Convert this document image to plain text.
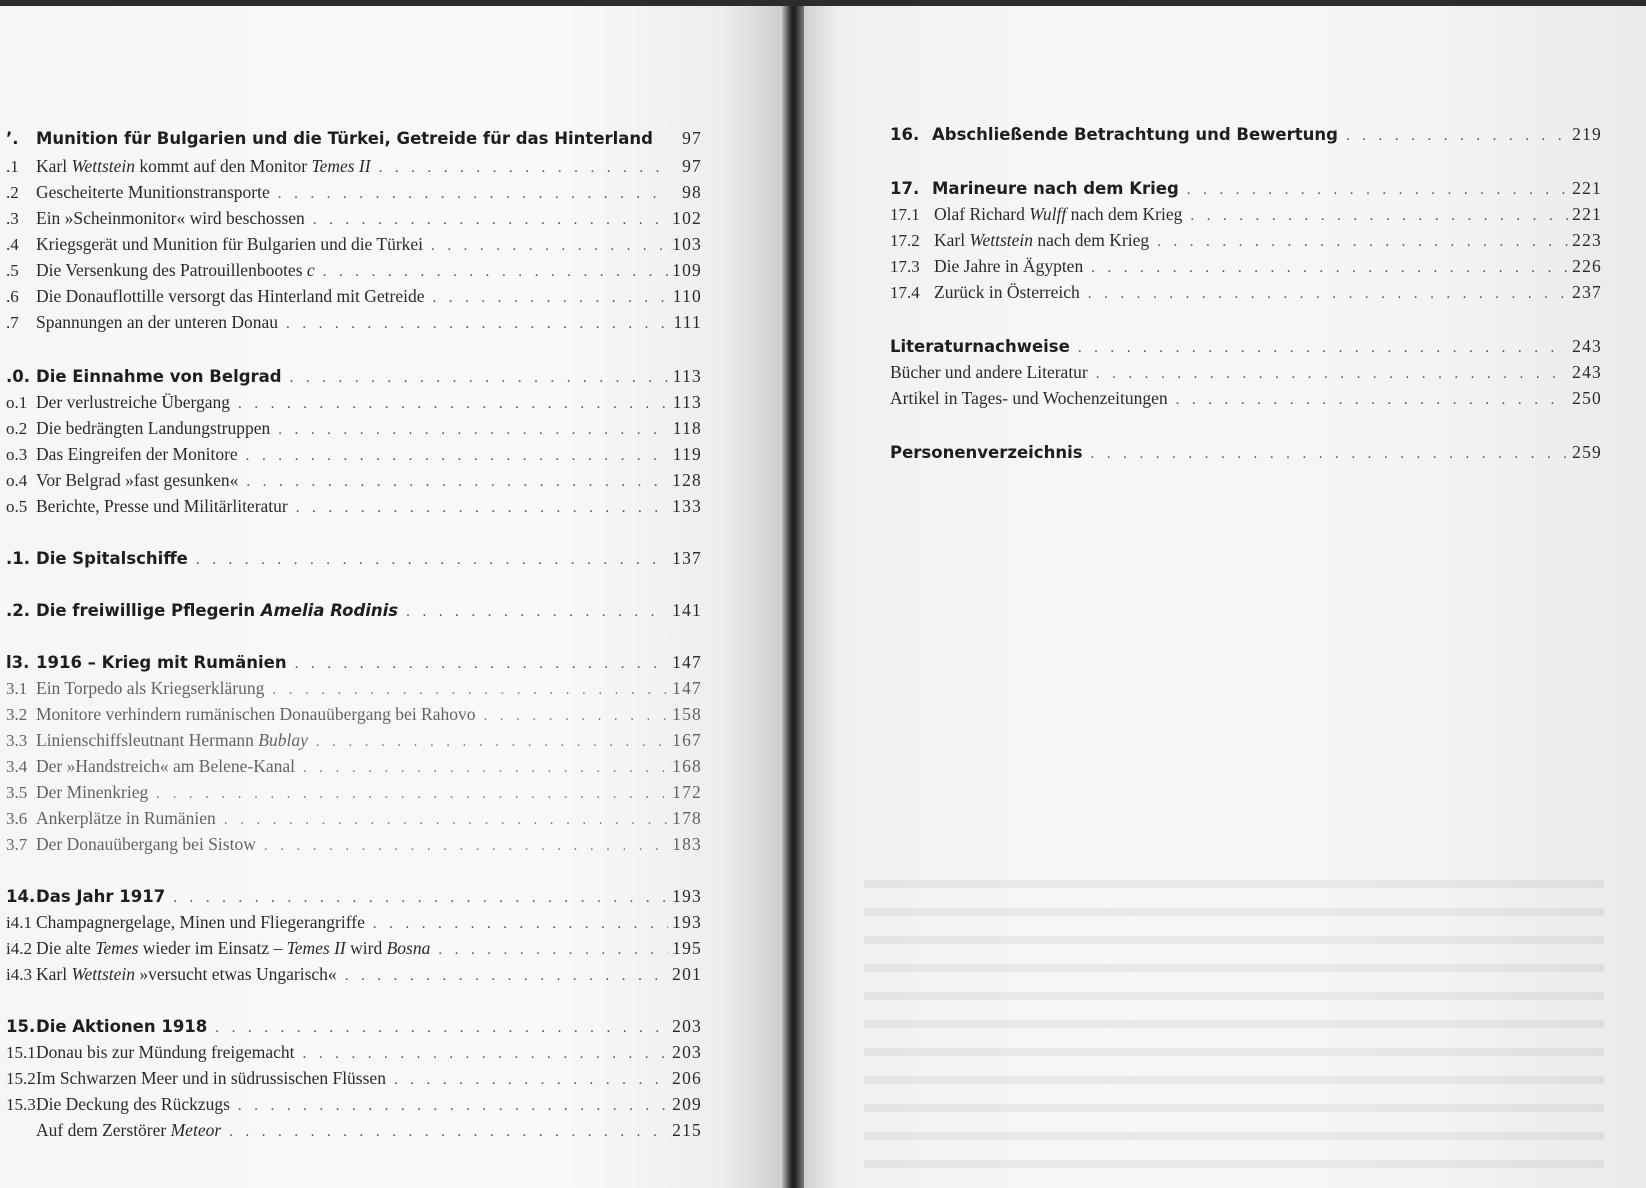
’.	Munition für Bulgarien und die Türkei, Getreide für das Hinterland	97
.1 Karl Wettstein kommt auf den Monitor Temes II . . .	97
.2 Gescheiterte Munitionstransporte . . .	98
.3 Ein »Scheinmonitor« wird beschossen . . .	102
.4 Kriegsgerät und Munition für Bulgarien und die Türkei . . .	103
.5 Die Versenkung des Patrouillenbootes c . . .	109
.6 Die Donauflottille versorgt das Hinterland mit Getreide . . .	110
.7 Spannungen an der unteren Donau . . .	111
.0. Die Einnahme von Belgrad . . .	113
o.1 Der verlustreiche Übergang . . .	113
o.2 Die bedrängten Landungstruppen . . .	118
o.3 Das Eingreifen der Monitore . . .	119
o.4 Vor Belgrad »fast gesunken« . . .	128
o.5 Berichte, Presse und Militärliteratur . . .	133
.1. Die Spitalschiffe . . .	137
.2. Die freiwillige Pflegerin Amelia Rodinis . . .	141
l3. 1916 – Krieg mit Rumänien . . .	147
3.1 Ein Torpedo als Kriegserklärung . . .	147
3.2 Monitore verhindern rumänischen Donauübergang bei Rahovo . . .	158
3.3 Linienschiffsleutnant Hermann Bublay . . .	167
3.4 Der »Handstreich« am Belene-Kanal . . .	168
3.5 Der Minenkrieg . . .	172
3.6 Ankerplätze in Rumänien . . .	178
3.7 Der Donauübergang bei Sistow . . .	183
14. Das Jahr 1917 . . .	193
i4.1 Champagnergelage, Minen und Fliegerangriffe . . .	193
i4.2 Die alte Temes wieder im Einsatz – Temes II wird Bosna . . .	195
i4.3 Karl Wettstein »versucht etwas Ungarisch« . . .	201
15. Die Aktionen 1918 . . .	203
15.1 Donau bis zur Mündung freigemacht . . .	203
15.2 Im Schwarzen Meer und in südrussischen Flüssen . . .	206
15.3 Die Deckung des Rückzugs . . .	209
Auf dem Zerstörer Meteor . . .	215
16. Abschließende Betrachtung und Bewertung . . .	219
17. Marineure nach dem Krieg . . .	221
17.1 Olaf Richard Wulff nach dem Krieg . . .	221
17.2 Karl Wettstein nach dem Krieg . . .	223
17.3 Die Jahre in Ägypten . . .	226
17.4 Zurück in Österreich . . .	237
Literaturnachweise . . .	243
Bücher und andere Literatur . . .	243
Artikel in Tages- und Wochenzeitungen . . .	250
Personenverzeichnis . . .	259
